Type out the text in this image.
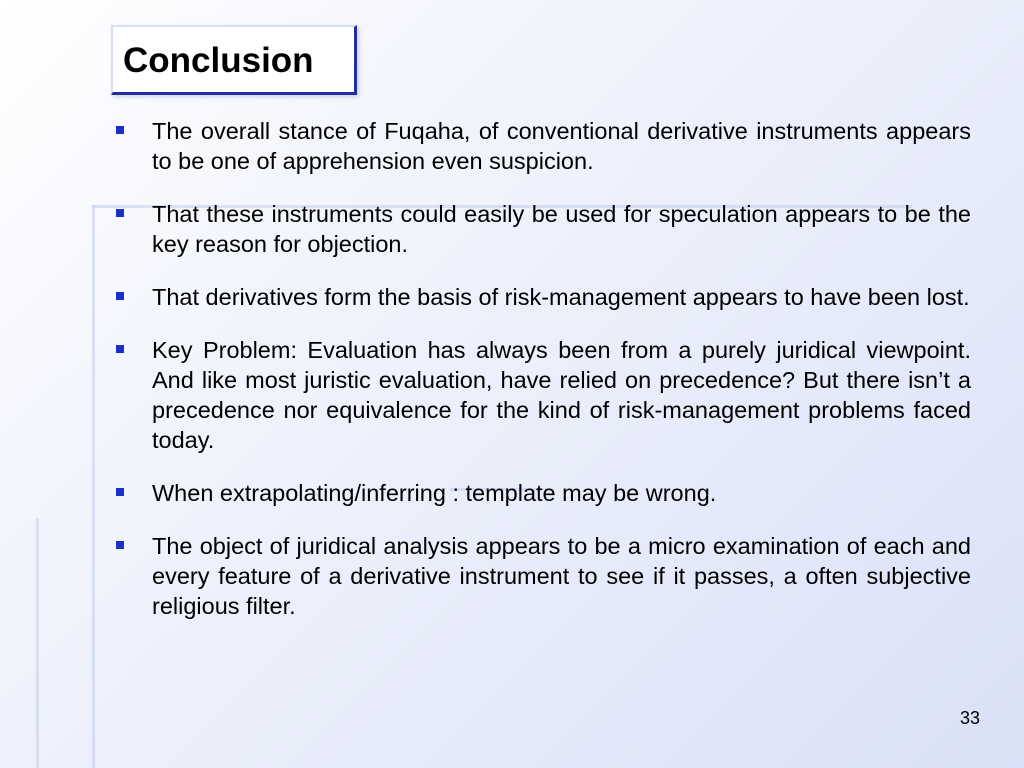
Conclusion
The overall stance of Fuqaha, of conventional derivative instruments appears to be one of apprehension even suspicion.
That these instruments could easily be used for speculation appears to be the key reason for objection.
That derivatives form the basis of risk-management appears to have been lost.
Key Problem: Evaluation has always been from a purely juridical viewpoint. And like most juristic evaluation, have relied on precedence? But there isn’t a precedence nor equivalence for the kind of risk-management problems faced today.
When extrapolating/inferring : template may be wrong.
The object of juridical analysis appears to be a micro examination of each and every feature of a derivative instrument to see if it passes, a often subjective religious filter.
33
